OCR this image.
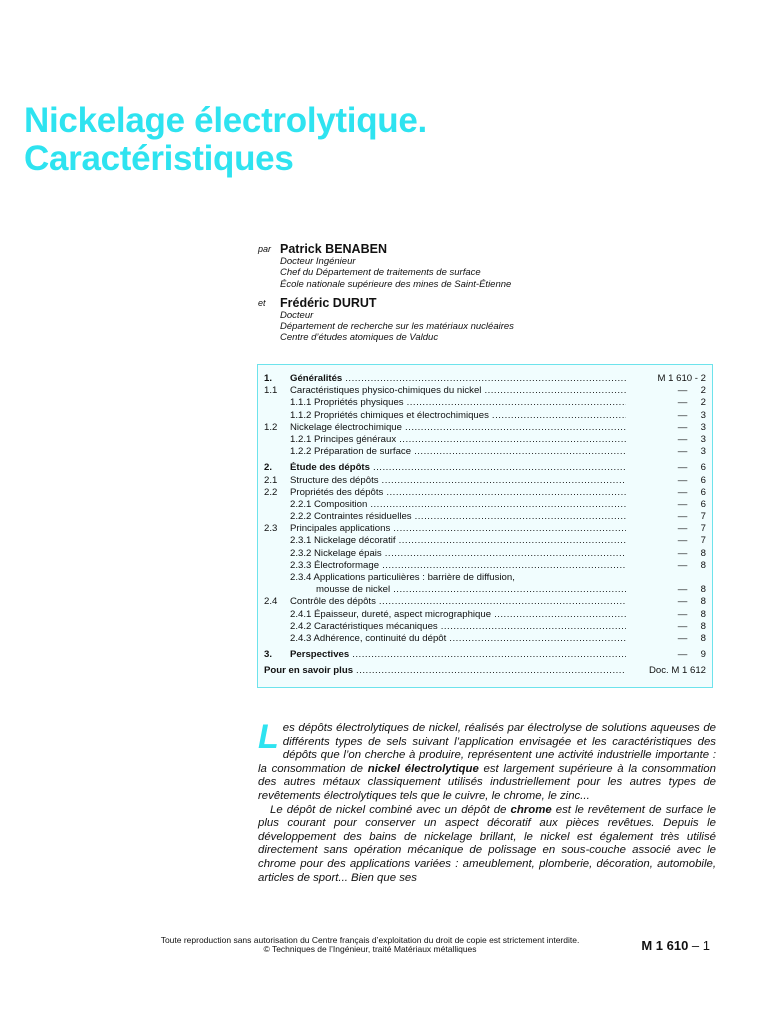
Nickelage électrolytique.
Caractéristiques
par Patrick BENABEN
Docteur Ingénieur
Chef du Département de traitements de surface
École nationale supérieure des mines de Saint-Étienne
et Frédéric DURUT
Docteur
Département de recherche sur les matériaux nucléaires
Centre d’études atomiques de Valduc
1.	Généralités .....	M 1 610 - 2
1.1	Caractéristiques physico-chimiques du nickel .....	—     2
1.1.1 Propriétés physiques .....	—     2
1.1.2 Propriétés chimiques et électrochimiques .....	—     3
1.2	Nickelage électrochimique .....	—     3
1.2.1 Principes généraux .....	—     3
1.2.2 Préparation de surface .....	—     3
2.	Étude des dépôts .....	—     6
2.1	Structure des dépôts .....	—     6
2.2	Propriétés des dépôts .....	—     6
2.2.1 Composition .....	—     6
2.2.2 Contraintes résiduelles .....	—     7
2.3	Principales applications .....	—     7
2.3.1 Nickelage décoratif .....	—     7
2.3.2 Nickelage épais .....	—     8
2.3.3 Électroformage .....	—     8
2.3.4 Applications particulières : barrière de diffusion,
mousse de nickel .....	—     8
2.4	Contrôle des dépôts .....	—     8
2.4.1 Épaisseur, dureté, aspect micrographique .....	—     8
2.4.2 Caractéristiques mécaniques .....	—     8
2.4.3 Adhérence, continuité du dépôt .....	—     8
3.	Perspectives .....	—     9
Pour en savoir plus .....	Doc. M 1 612

Les dépôts électrolytiques de nickel, réalisés par électrolyse de solutions aqueuses de différents types de sels suivant l’application envisagée et les caractéristiques des dépôts que l’on cherche à produire, représentent une activité industrielle importante : la consommation de nickel électrolytique est largement supérieure à la consommation des autres métaux classiquement utilisés industriellement pour les autres types de revêtements électrolytiques tels que le cuivre, le chrome, le zinc...

Le dépôt de nickel combiné avec un dépôt de chrome est le revêtement de surface le plus courant pour conserver un aspect décoratif aux pièces revêtues. Depuis le développement des bains de nickelage brillant, le nickel est également très utilisé directement sans opération mécanique de polissage en sous-couche associé avec le chrome pour des applications variées : ameublement, plomberie, décoration, automobile, articles de sport... Bien que ses

Toute reproduction sans autorisation du Centre français d’exploitation du droit de copie est strictement interdite.
© Techniques de l’Ingénieur, traité Matériaux métalliques	M 1 610 – 1
